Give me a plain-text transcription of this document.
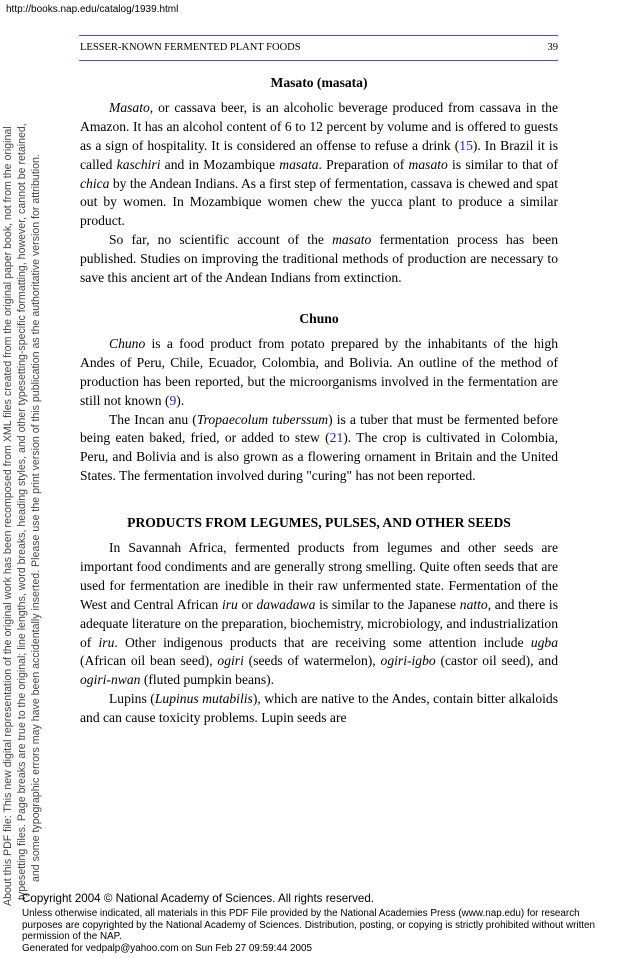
http://books.nap.edu/catalog/1939.html
About this PDF file: This new digital representation of the original work has been recomposed from XML files created from the original paper book, not from the original typesetting files. Page breaks are true to the original; line lengths, word breaks, heading styles, and other typesetting-specific formatting, however, cannot be retained, and some typographic errors may have been accidentally inserted. Please use the print version of this publication as the authoritative version for attribution.
LESSER-KNOWN FERMENTED PLANT FOODS	39
Masato (masata)

Masato, or cassava beer, is an alcoholic beverage produced from cassava in the Amazon. It has an alcohol content of 6 to 12 percent by volume and is offered to guests as a sign of hospitality. It is considered an offense to refuse a drink (15). In Brazil it is called kaschiri and in Mozambique masata. Preparation of masato is similar to that of chica by the Andean Indians. As a first step of fermentation, cassava is chewed and spat out by women. In Mozambique women chew the yucca plant to produce a similar product.

So far, no scientific account of the masato fermentation process has been published. Studies on improving the traditional methods of production are necessary to save this ancient art of the Andean Indians from extinction.

Chuno

Chuno is a food product from potato prepared by the inhabitants of the high Andes of Peru, Chile, Ecuador, Colombia, and Bolivia. An outline of the method of production has been reported, but the microorganisms involved in the fermentation are still not known (9).

The Incan anu (Tropaecolum tuberssum) is a tuber that must be fermented before being eaten baked, fried, or added to stew (21). The crop is cultivated in Colombia, Peru, and Bolivia and is also grown as a flowering ornament in Britain and the United States. The fermentation involved during "curing" has not been reported.

PRODUCTS FROM LEGUMES, PULSES, AND OTHER SEEDS

In Savannah Africa, fermented products from legumes and other seeds are important food condiments and are generally strong smelling. Quite often seeds that are used for fermentation are inedible in their raw unfermented state. Fermentation of the West and Central African iru or dawadawa is similar to the Japanese natto, and there is adequate literature on the preparation, biochemistry, microbiology, and industrialization of iru. Other indigenous products that are receiving some attention include ugba (African oil bean seed), ogiri (seeds of watermelon), ogiri-igbo (castor oil seed), and ogiri-nwan (fluted pumpkin beans).

Lupins (Lupinus mutabilis), which are native to the Andes, contain bitter alkaloids and can cause toxicity problems. Lupin seeds are

Copyright 2004 © National Academy of Sciences. All rights reserved.
Unless otherwise indicated, all materials in this PDF File provided by the National Academies Press (www.nap.edu) for research purposes are copyrighted by the National Academy of Sciences. Distribution, posting, or copying is strictly prohibited without written permission of the NAP.
Generated for vedpalp@yahoo.com on Sun Feb 27 09:59:44 2005
